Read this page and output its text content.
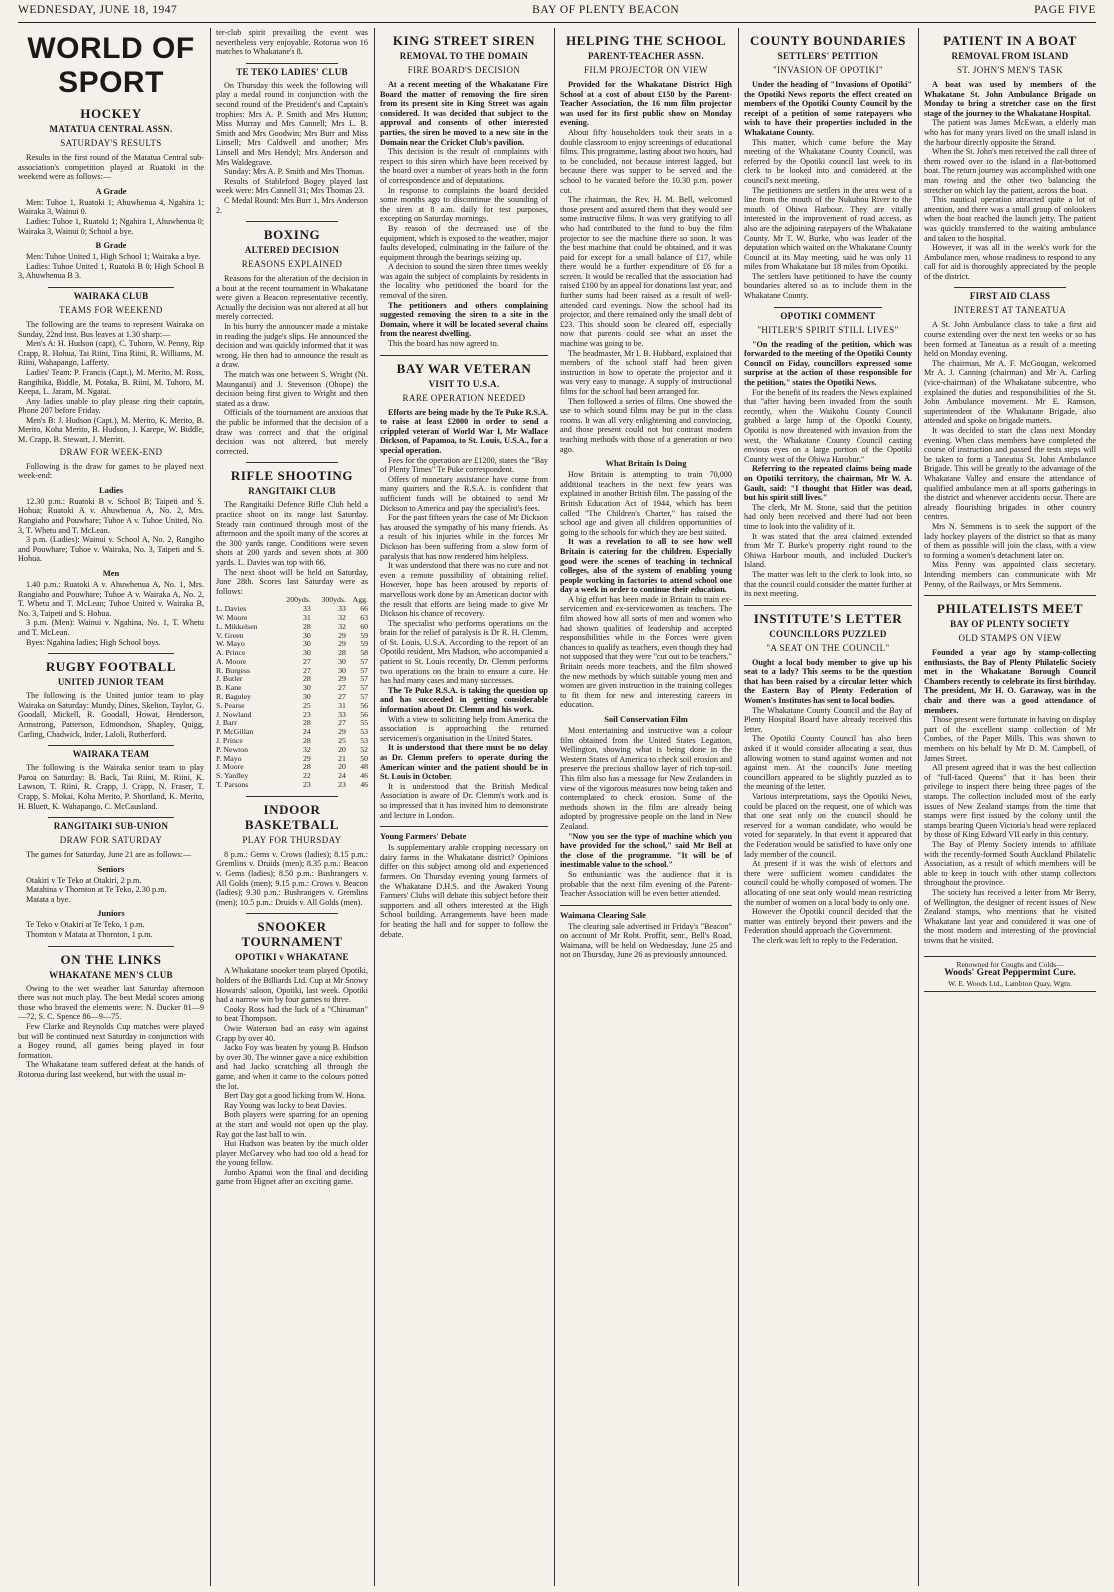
WEDNESDAY, JUNE 18, 1947	BAY OF PLENTY BEACON	PAGE FIVE
WORLD OF SPORT
HOCKEY
MATATUA CENTRAL ASSN.
SATURDAY'S RESULTS

Results in the first round of the Matatua Central sub-association's competition played at Ruatoki in the weekend were as follows:—

A Grade

Men: Tuhoe 1, Ruatoki 1; Ahuwhenua 4, Ngahira 1; Wairaka 3, Wainui 0.

Ladies: Tuhoe 1, Ruatoki 1; Ngahira 1, Ahuwhenua 0; Wairaka 3, Wainui 0; School a bye.

B Grade

Men: Tuhoe United 1, High School 1; Wairaka a bye.

Ladies: Tuhoe United 1, Ruatoki B 0; High School B 3, Ahuwhenua B 3.

WAIRAKA CLUB
TEAMS FOR WEEKEND

The following are the teams to represent Wairaka on Sunday, 22nd inst. Bus leaves at 1.30 sharp:—

Men's A: H. Hudson (capt), C. Tuhoro, W. Penny, Rip Crapp, R. Hohua, Tai Riini, Tina Riini, R. Williams, M. Riini, Wahapango, Lafferty.

Ladies' Team: P. Francis (Capt.), M. Merito, M. Ross, Rangihika, Biddle, M. Potaka, B. Riini, M. Tuhoro, M. Keepa, L. Jaram, M. Ngatai.

Any ladies unable to play please ring their captain, Phone 207 before Friday.

Men's B: J. Hudson (Capt.), M. Merito, K. Merito, B. Merito, Koha Merito, B. Hudson, J. Karepe, W. Biddle, M. Crapp, B. Stewart, J. Merritt.

DRAW FOR WEEK-END

Following is the draw for games to be played next week-end:

Ladies

12.30 p.m.: Ruatoki B v. School B; Taipeti and S. Hohua; Ruatoki A v. Ahuwhenua A, No. 2, Mrs. Rangiaho and Pouwhare; Tuhoe A v. Tuhoe United, No. 3, T. Whetu and T. McLean.

3 p.m. (Ladies): Wainui v. School A, No. 2, Rangiho and Pouwhare; Tuhoe v. Wairaka, No. 3, Taipeti and S. Hohua.

Men

1.40 p.m.: Ruatoki A v. Ahuwhenua A, No. 1, Mrs. Rangiaho and Pouwhare; Tuhoe A v. Wairaka A, No. 2, T. Whetu and T. McLean; Tuhoe United v. Wairaka B, No. 3, Taipeti and S. Hohua.

3 p.m. (Men): Wainui v. Ngahina, No. 1, T. Whetu and T. McLean.

Byes: Ngahina ladies; High School boys.

RUGBY FOOTBALL
UNITED JUNIOR TEAM

The following is the United junior team to play Wairaka on Saturday: Mundy, Dines, Skelton, Taylor, G. Goodall, Mickell, R. Goodall, Howat, Henderson, Armstrong, Patterson, Edmondson, Shapley, Quigg, Carling, Chadwick, Inder, Laloli, Rutherford.

WAIRAKA TEAM

The following is the Wairaka senior team to play Paroa on Saturday: B. Back, Tai Riini, M. Riini, K. Lawson, T. Riini, R. Crapp, J. Crapp, N. Fraser, T. Crapp, S. Mokai, Koha Merito, P. Shortland, K. Merito, H. Bluett, K. Wahapango, C. McCausland.

RANGITAIKI SUB-UNION
DRAW FOR SATURDAY

The games for Saturday, June 21 are as follows:—

Seniors

Otakiri v Te Teko at Otakiri, 2 p.m.

Matahina v Thornton at Te Teko, 2.30 p.m.

Matata a bye.

Juniors

Te Teko v Otakiri at Te Teko, 1 p.m.

Thornton v Matata at Thornton, 1 p.m.

ON THE LINKS
WHAKATANE MEN'S CLUB

Owing to the wet weather last Saturday afternoon there was not much play. The best Medal scores among those who braved the elements were: N. Ducker 81—9—72, S. C. Spence 86—9—75.

Few Clarke and Reynolds Cup matches were played but will be continued next Saturday in conjunction with a Bogey round, all games being played in four formation.

The Whakatane team suffered defeat at the hands of Rotorua during last weekend, but with the usual in-

ter-club spirit prevailing the event was nevertheless very enjoyable. Rotorua won 16 matches to Whakatane's 8.

TE TEKO LADIES' CLUB

On Thursday this week the following will play a medal round in conjunction with the second round of the President's and Captain's trophies: Mrs A. P. Smith and Mrs Hutton; Miss Murray and Mrs Cannell; Mrs L. B. Smith and Mrs Goodwin; Mrs Burr and Miss Linsell; Mrs Caldwell and another; Mrs Linsell and Mrs Hendyl; Mrs Anderson and Mrs Waldegrave.

Sunday: Mrs A. P. Smith and Mrs Thomas.

Results of Stableford Bogey played last week were: Mrs Cannell 31; Mrs Thomas 23.

C Medal Round: Mrs Burr 1, Mrs Anderson 2.

BOXING
ALTERED DECISION
REASONS EXPLAINED

Reasons for the alteration of the decision in a bout at the recent tournament in Whakatane were given a Beacon representative recently. Actually the decision was not altered at all but merely corrected.

In his hurry the announcer made a mistake in reading the judge's slips. He announced the decision and was quickly informed that it was wrong. He then had to announce the result as a draw.

The match was one between S. Wright (Nt. Maunganui) and J. Stevenson (Ohope) the decision being first given to Wright and then stated as a draw.

Officials of the tournament are anxious that the public be informed that the decision of a draw was correct and that the original decision was not altered, but merely corrected.

RIFLE SHOOTING
RANGITAIKI CLUB

The Rangitaiki Defence Rifle Club held a practice shoot on its range last Saturday. Steady rain continued through most of the afternoon and the spoilt many of the scores at the 300 yards range. Conditions were seven shots at 200 yards and seven shots at 300 yards. L. Davies was top with 66.

The next shoot will be held on Saturday, June 28th. Scores last Saturday were as follows:

	200yds.	300yds.	Agg.
L. Davies	33	33	66
W. Moore	31	32	63
L. Mikkelsen	28	32	60
V. Green	30	29	59
W. Mayo	30	29	59
A. Prince	30	28	58
A. Moore	27	30	57
R. Burgess	27	30	57
J. Butler	28	29	57
B. Kane	30	27	57
R. Baguley	30	27	57
S. Pearse	25	31	56
J. Nowland	23	33	56
J. Barr	28	27	55
P. McGillan	24	29	53
J. Prince	28	25	53
P. Newton	32	20	52
P. Mayo	29	21	50
J. Moore	28	20	48
S. Yardley	22	24	46
T. Parsons	23	23	46
INDOOR BASKETBALL
PLAY FOR THURSDAY

8 p.m.: Gems v. Crows (ladies); 8.15 p.m.: Gremlins v. Druids (men); 8.35 p.m.: Beacon v. Gems (ladies); 8.50 p.m.: Bushrangers v. All Golds (men); 9.15 p.m.: Crows v. Beacon (ladies); 9.30 p.m.: Bushrangers v. Gremlins (men); 10.5 p.m.: Druids v. All Golds (men).

SNOOKER TOURNAMENT
OPOTIKI v WHAKATANE

A Whakatane snooker team played Opotiki, holders of the Billiards Ltd. Cup at Mr Snowy Howards' saloon, Opotiki, last week. Opotiki had a narrow win by four games to three.

Cooky Ross had the luck of a "Chinaman" to beat Thompson.

Owie Waterson had an easy win against Crapp by over 40.

Jacko Foy was beaten by young B. Hudson by over 30. The winner gave a nice exhibition and had Jacko scratching all through the game, and when it came to the colours potted the lot.

Bert Day got a good licking from W. Hona.

Ray Young was lucky to beat Davies.

Both players were sparring for an opening at the start and would not open up the play. Ray got the last ball to win.

Hui Hudson was beaten by the much older player McGarvey who had too old a head for the young fellow.

Jumbo Apanui won the final and deciding game from Hignet after an exciting game.

KING STREET SIREN
REMOVAL TO THE DOMAIN
FIRE BOARD'S DECISION

At a recent meeting of the Whakatane Fire Board the matter of removing the fire siren from its present site in King Street was again considered. It was decided that subject to the approval and consents of other interested parties, the siren be moved to a new site in the Domain near the Cricket Club's pavilion.

This decision is the result of complaints with respect to this siren which have been received by the board over a number of years both in the form of correspondence and of deputations.

In response to complaints the board decided some months ago to discontinue the sounding of the siren at 8 a.m. daily for test purposes, excepting on Saturday mornings.

By reason of the decreased use of the equipment, which is exposed to the weather, major faults developed, culminating in the failure of the equipment through the bearings seizing up.

A decision to sound the siren three times weekly was again the subject of complaints by residents in the locality who petitioned the board for the removal of the siren.

The petitioners and others complaining suggested removing the siren to a site in the Domain, where it will be located several chains from the nearest dwelling.

This the board has now agreed to.

BAY WAR VETERAN
VISIT TO U.S.A.
RARE OPERATION NEEDED

Efforts are being made by the Te Puke R.S.A. to raise at least £2000 in order to send a crippled veteran of World War I, Mr Wallace Dickson, of Papamoa, to St. Louis, U.S.A., for a special operation.

Fees for the operation are £1200, states the "Bay of Plenty Times" Te Puke correspondent.

Offers of monetary assistance have come from many quarters and the R.S.A. is confident that sufficient funds will be obtained to send Mr Dickson to America and pay the specialist's fees.

For the past fifteen years the case of Mr Dickson has aroused the sympathy of his many friends. As a result of his injuries while in the forces Mr Dickson has been suffering from a slow form of paralysis that has now rendered him helpless.

It was understood that there was no cure and not even a remote possibility of obtaining relief. However, hope has been aroused by reports of marvellous work done by an American doctor with the result that efforts are being made to give Mr Dickson his chance of recovery.

The specialist who performs operations on the brain for the relief of paralysis is Dr R. H. Clemm, of St. Louis, U.S.A. According to the report of an Opotiki resident, Mrs Madson, who accompanied a patient to St. Louis recently, Dr. Clemm performs two operations on the brain to ensure a cure. He has had many cases and many successes.

The Te Puke R.S.A. is taking the question up and has succeeded in getting considerable information about Dr. Clemm and his work.

With a view to soliciting help from America the association is approaching the returned servicemen's organisation in the United States.

It is understood that there must be no delay as Dr. Clemm prefers to operate during the American winter and the patient should be in St. Louis in October.

It is understood that the British Medical Association is aware of Dr. Clemm's work and is so impressed that it has invited him to demonstrate and lecture in London.

Young Farmers' Debate

Is supplementary arable cropping necessary on dairy farms in the Whakatane district? Opinions differ on this subject among old and experienced farmers. On Thursday evening young farmers of the Whakatane D.H.S. and the Awakeri Young Farmers' Clubs will debate this subject before their supporters and all others interested at the High School building. Arrangements have been made for heating the hall and for supper to follow the debate.

HELPING THE SCHOOL
PARENT-TEACHER ASSN.
FILM PROJECTOR ON VIEW

Provided for the Whakatane District High School at a cost of about £150 by the Parent-Teacher Association, the 16 mm film projector was used for its first public show on Monday evening.

About fifty householders took their seats in a double classroom to enjoy screenings of educational films. This programme, lasting about two hours, had to be concluded, not because interest lagged, but because there was supper to be served and the school to be vacated before the 10.30 p.m. power cut.

The chairman, the Rev. H. M. Bell, welcomed those present and assured them that they would see some instructive films. It was very gratifying to all who had contributed to the fund to buy the film projector to see the machine there so soon. It was the best machine that could be obtained, and it was paid for except for a small balance of £17, while there would be a further expenditure of £6 for a screen. It would be recalled that the association had raised £100 by an appeal for donations last year, and further sums had been raised as a result of well-attended card evenings. Now the school had its projector, and there remained only the small debt of £23. This should soon be cleared off, especially now that parents could see what an asset the machine was going to be.

The headmaster, Mr I. B. Hubbard, explained that members of the school staff had been given instruction in how to operate the projector and it was very easy to manage. A supply of instructional films for the school had been arranged for.

Then followed a series of films. One showed the use to which sound films may be put in the class rooms. It was all very enlightening and convincing, and those present could not but contrast modern teaching methods with those of a generation or two ago.

What Britain Is Doing

How Britain is attempting to train 70,000 additional teachers in the next few years was explained in another British film. The passing of the British Education Act of 1944, which has been called "The Children's Charter," has raised the school age and given all children opportunities of going to the schools for which they are best suited.

It was a revelation to all to see how well Britain is catering for the children. Especially good were the scenes of teaching in technical colleges, also of the system of enabling young people working in factories to attend school one day a week in order to continue their education.

A big effort has been made in Britain to train ex-servicemen and ex-servicewomen as teachers. The film showed how all sorts of men and women who had shown qualities of leadership and accepted responsibilities while in the Forces were given chances to qualify as teachers, even though they had not supposed that they were "cut out to be teachers." Britain needs more teachers, and the film showed the new methods by which suitable young men and women are given instruction in the training colleges to fit them for new and interesting careers in education.

Soil Conservation Film

Most entertaining and instructive was a colour film obtained from the United States Legation, Wellington, showing what is being done in the Western States of America to check soil erosion and preserve the precious shallow layer of rich top-soil. This film also has a message for New Zealanders in view of the vigorous measures now being taken and contemplated to check erosion. Some of the methods shown in the film are already being adopted by progressive people on the land in New Zealand.

"Now you see the type of machine which you have provided for the school," said Mr Bell at the close of the programme. "It will be of inestimable value to the school."

So enthusiastic was the audience that it is probable that the next film evening of the Parent-Teacher Association will be even better attended.

Waimana Clearing Sale

The clearing sale advertised in Friday's "Beacon" on account of Mr Robt. Proffit, senr., Bell's Road, Waimana, will be held on Wednesday, June 25 and not on Thursday, June 26 as previously announced.

COUNTY BOUNDARIES
SETTLERS' PETITION
"INVASION OF OPOTIKI"

Under the heading of "Invasions of Opotiki" the Opotiki News reports the effect created on members of the Opotiki County Council by the receipt of a petition of some ratepayers who wish to have their properties included in the Whakatane County.

This matter, which came before the May meeting of the Whakatane County Council, was referred by the Opotiki council last week to its clerk to be looked into and considered at the council's next meeting.

The petitioners are settlers in the area west of a line from the mouth of the Nukuhou River to the mouth of Ohiwa Harbour. They are vitally interested in the improvement of road access, as also are the adjoining ratepayers of the Whakatane County. Mr T. W. Burke, who was leader of the deputation which waited on the Whakatane County Council at its May meeting, said he was only 11 miles from Whakatane but 18 miles from Opotiki.

The settlers have petitioned to have the county boundaries altered so as to include them in the Whakatane County.

OPOTIKI COMMENT
"HITLER'S SPIRIT STILL LIVES"

"On the reading of the petition, which was forwarded to the meeting of the Opotiki County Council on Fiday, councillors expressed some surprise at the action of those responsible for the petition," states the Opotiki News.

For the benefit of its readers the News explained that "after having been invaded from the south recently, when the Waikohu County Council grabbed a large lump of the Opotiki County, Opotiki is now threatened with invasion from the west, the Whakatane County Council casting envious eyes on a large portion of the Opotiki County west of the Ohiwa Harobur."

Referring to the repeated claims being made on Opotiki territory, the chairman, Mr W. A. Gault, said: "I thought that Hitler was dead, but his spirit still lives."

The clerk, Mr M. Stone, said that the petition had only been received and there had not been time to look into the validity of it.

It was stated that the area claimed extended from Mr T. Burke's property right round to the Ohiwa Harbour mouth, and included Ducker's Island.

The matter was left to the clerk to look into, so that the council could consider the matter further at its next meeting.

INSTITUTE'S LETTER
COUNCILLORS PUZZLED
"A SEAT ON THE COUNCIL"

Ought a local body member to give up his seat to a lady? This seems to be the question that has been raised by a circular letter which the Eastern Bay of Plenty Federation of Women's Institutes has sent to local bodies.

The Whakatane County Council and the Bay of Plenty Hospital Board have already received this letter.

The Opotiki County Council has also been asked if it would consider allocating a seat, thus allowing women to stand against women and not against men. At the council's June meeting councillors appeared to be slightly puzzled as to the meaning of the letter.

Various interpretations, says the Opotiki News, could be placed on the request, one of which was that one seat only on the council should be reserved for a woman candidate, who would be voted for separately. In that event it appeared that the Federation would be satisfied to have only one lady member of the council.

At present if it was the wish of electors and there were sufficient women candidates the council could be wholly composed of women. The allocating of one seat only would mean restricting the number of women on a local body to only one.

However the Opotiki council decided that the matter was entirely beyond their powers and the Federation should approach the Government.

The clerk was left to reply to the Federation.

PATIENT IN A BOAT
REMOVAL FROM ISLAND
ST. JOHN'S MEN'S TASK

A boat was used by members of the Whakatane St. John Ambulance Brigade on Monday to bring a stretcher case on the first stage of the journey to the Whakatane Hospital.

The patient was James McEwan, a elderly man who has for many years lived on the small island in the harbour directly opposite the Strand.

When the St. John's men received the call three of them rowed over to the island in a flat-bottomed boat. The return journey was accomplished with one man rowing and the other two balancing the stretcher on which lay the patient, across the boat.

This nautical operation attracted quite a lot of attention, and there was a small group of onlookers when the boat reached the launch jetty. The patient was quickly transferred to the waiting ambulance and taken to the hospital.

However, it was all in the week's work for the Ambulance men, whose readiness to respond to any call for aid is thoroughly appreciated by the people of the district.

FIRST AID CLASS
INTEREST AT TANEATUA

A St. John Ambulance class to take a first aid course extending over the next ten weeks or so has been formed at Taneatua as a result of a meeting held on Monday evening.

The chairman, Mr A. F. McGougan, welcomed Mr A. J. Canning (chairman) and Mr A. Carling (vice-chairman) of the Whakatane subcentre, who explained the duties and responsibilities of the St. John Ambulance movement. Mr E. Ramson, superintendent of the Whakatane Brigade, also attended and spoke on brigade matters.

It was decided to start the class next Monday evening. When class members have completed the course of instruction and passed the tests steps will be taken to form a Taneatua St. John Ambulance Brigade. This will be greatly to the advantage of the Whakatane Valley and ensure the attendance of qualified ambulance men at all sports gatherings in the district and whenever accidents occur. There are already flourishing brigades in other country centres.

Mrs N. Semmens is to seek the support of the lady hockey players of the district so that as many of them as possible will join the class, with a view to forming a women's detachment later on.

Miss Penny was appointed class secretary. Intending members can communicate with Mr Penny, of the Railways, or Mrs Semmens.

PHILATELISTS MEET
BAY OF PLENTY SOCIETY
OLD STAMPS ON VIEW

Founded a year ago by stamp-collecting enthusiasts, the Bay of Plenty Philatelic Society met in the Whakatane Borough Council Chambers recently to celebrate its first birthday. The president, Mr H. O. Garaway, was in the chair and there was a good attendance of members.

Those present were fortunate in having on display part of the excellent stamp collection of Mr Combes, of the Paper Mills. This was shown to members on his behalf by Mr D. M. Campbell, of James Street.

All present agreed that it was the best collection of "full-faced Queens" that it has been their privilege to inspect there being three pages of the stamps. The collection included most of the early issues of New Zealand stamps from the time that stamps were first issued by the colony until the stamps bearing Queen Victoria's head were replaced by those of King Edward VII early in this century.

The Bay of Plenty Society intends to affiliate with the recently-formed South Auckland Philatelic Association, as a result of which members will be able to keep in touch with other stamp collectors throughout the province.

The society has received a letter from Mr Berry, of Wellington, the designer of recent issues of New Zealand stamps, who mentions that he visited Whakatane last year and considered it was one of the most modern and interesting of the provincial towns that he visited.

Renowned for Coughs and Colds—
Woods' Great Peppermint Cure.
W. E. Woods Ltd., Lambton Quay, Wgtn.
